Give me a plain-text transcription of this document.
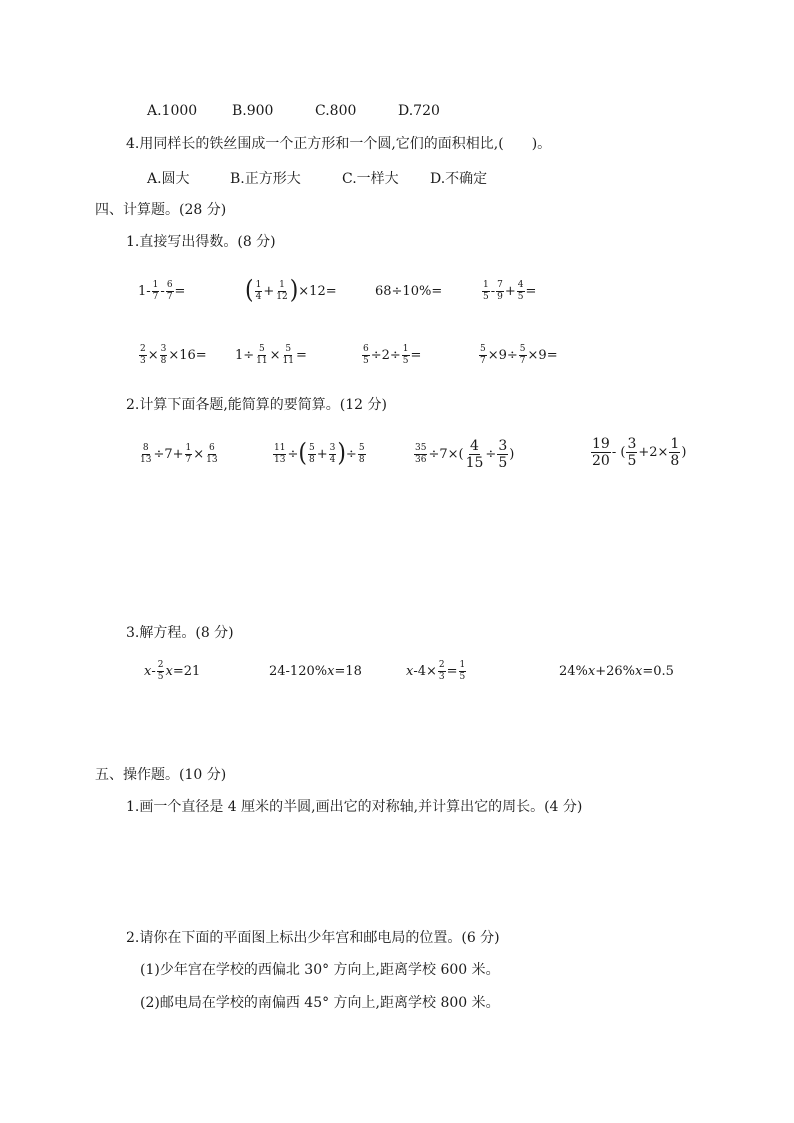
A.1000 B.900	C.800	D.720
4.用同样长的铁丝围成一个正方形和一个圆,它们的面积相比,(　　)。
A.圆大	B.正方形大	C.一样大 D.不确定
四、计算题。(28 分)
1.直接写出得数。(8 分)
$1- \frac{1}{7} - \frac{6}{7}$ =	( $\frac{1}{4} + \frac{1}{12}$ ) ×12=	68÷10%=	$\frac{1}{5} - \frac{7}{9} + \frac{4}{5}$ =
$\frac{2}{3} \times \frac{3}{8} \times 16= 1\div \frac{5}{11} \times \frac{5}{11}$ =	$\frac{6}{5} \div 2\div \frac{1}{5}$ =	$\frac{5}{7} \times 9\div \frac{5}{7} \times 9=$
2.计算下面各题,能简算的要简算。(12 分)
$\frac{8}{13} \div 7+ \frac{1}{7} \times \frac{6}{13}$	$\frac{11}{13}$ ÷ ( $\frac{5}{8} + \frac{3}{4}$ ) ÷ $\frac{5}{8}$	$\frac{35}{36} \div 7\times( \frac{4}{15} \div \frac{3}{5}$ )	$\frac{19}{20}$ - ( $\frac{3}{5} +2\times \frac{1}{8}$ )
3.解方程。(8 分)
x - $\frac{2}{5}$ x =21	24-120% x =18	x $-4\times \frac{2}{3} = \frac{1}{5}$	24% x +26% x =0.5
五、操作题。(10 分)
1.画一个直径是 4 厘米的半圆,画出它的对称轴,并计算出它的周长。(4 分)
2.请你在下面的平面图上标出少年宫和邮电局的位置。(6 分)
(1)少年宫在学校的西偏北 30° 方向上,距离学校 600 米。
(2)邮电局在学校的南偏西 45° 方向上,距离学校 800 米。
